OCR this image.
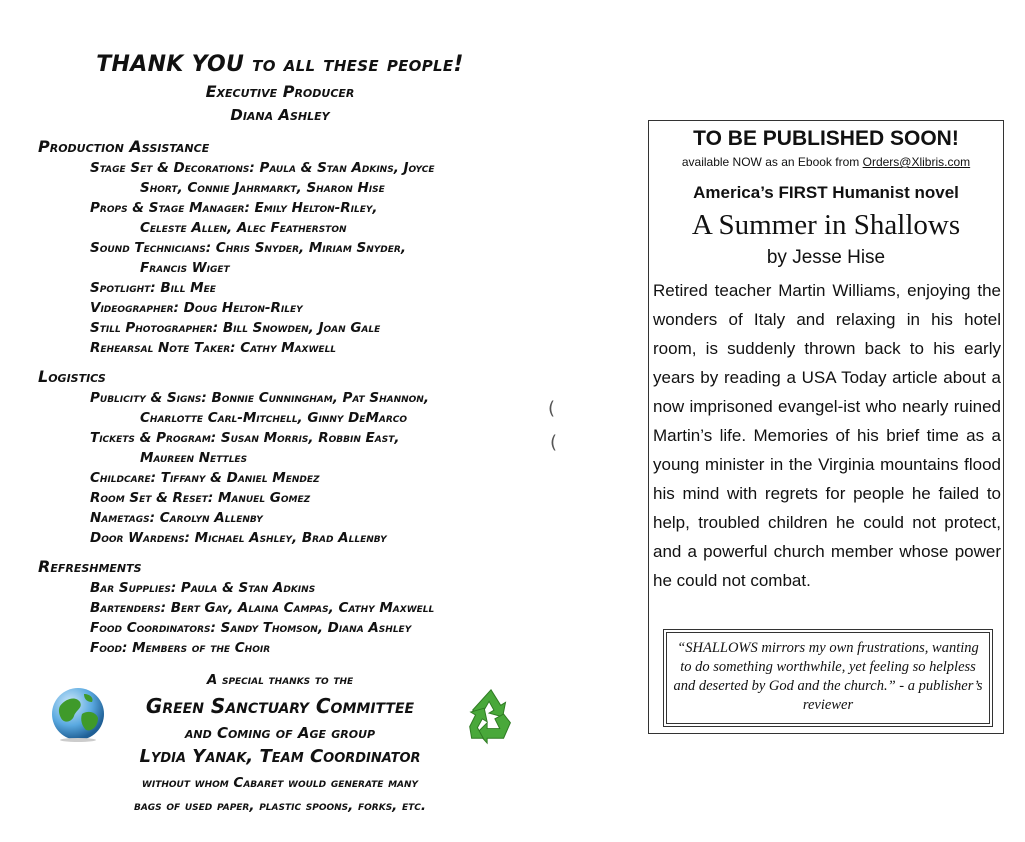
THANK YOU to all these people!
Executive Producer
Diana Ashley
Production Assistance
Stage Set & Decorations: Paula & Stan Adkins, Joyce
Short, Connie Jahrmarkt, Sharon Hise
Props & Stage Manager: Emily Helton-Riley,
Celeste Allen, Alec Featherston
Sound Technicians: Chris Snyder, Miriam Snyder,
Francis Wiget
Spotlight: Bill Mee
Videographer: Doug Helton-Riley
Still Photographer: Bill Snowden, Joan Gale
Rehearsal Note Taker: Cathy Maxwell
Logistics
Publicity & Signs: Bonnie Cunningham, Pat Shannon,
Charlotte Carl-Mitchell, Ginny DeMarco
Tickets & Program: Susan Morris, Robbin East,
Maureen Nettles
Childcare: Tiffany & Daniel Mendez
Room Set & Reset: Manuel Gomez
Nametags: Carolyn Allenby
Door Wardens: Michael Ashley, Brad Allenby
Refreshments
Bar Supplies: Paula & Stan Adkins
Bartenders: Bert Gay, Alaina Campas, Cathy Maxwell
Food Coordinators: Sandy Thomson, Diana Ashley
Food: Members of the Choir
A special thanks to the
Green Sanctuary Committee
and Coming of Age group
Lydia Yanak, Team Coordinator
without whom Cabaret would generate many
bags of used paper, plastic spoons, forks, etc.
(
(
TO BE PUBLISHED SOON!
available NOW as an Ebook from Orders@Xlibris.com
America’s FIRST Humanist novel
A Summer in Shallows
by Jesse Hise

Retired teacher Martin Williams, enjoying the wonders of Italy and relaxing in his hotel room, is suddenly thrown back to his early years by reading a USA Today article about a now imprisoned evangel-ist who nearly ruined Martin’s life. Memories of his brief time as a young minister in the Virginia mountains flood his mind with regrets for people he failed to help, troubled children he could not protect, and a powerful church member whose power he could not combat.

“SHALLOWS mirrors my own frustrations, wanting to do something worthwhile, yet feeling so helpless and deserted by God and the church.” - a publisher’s reviewer
